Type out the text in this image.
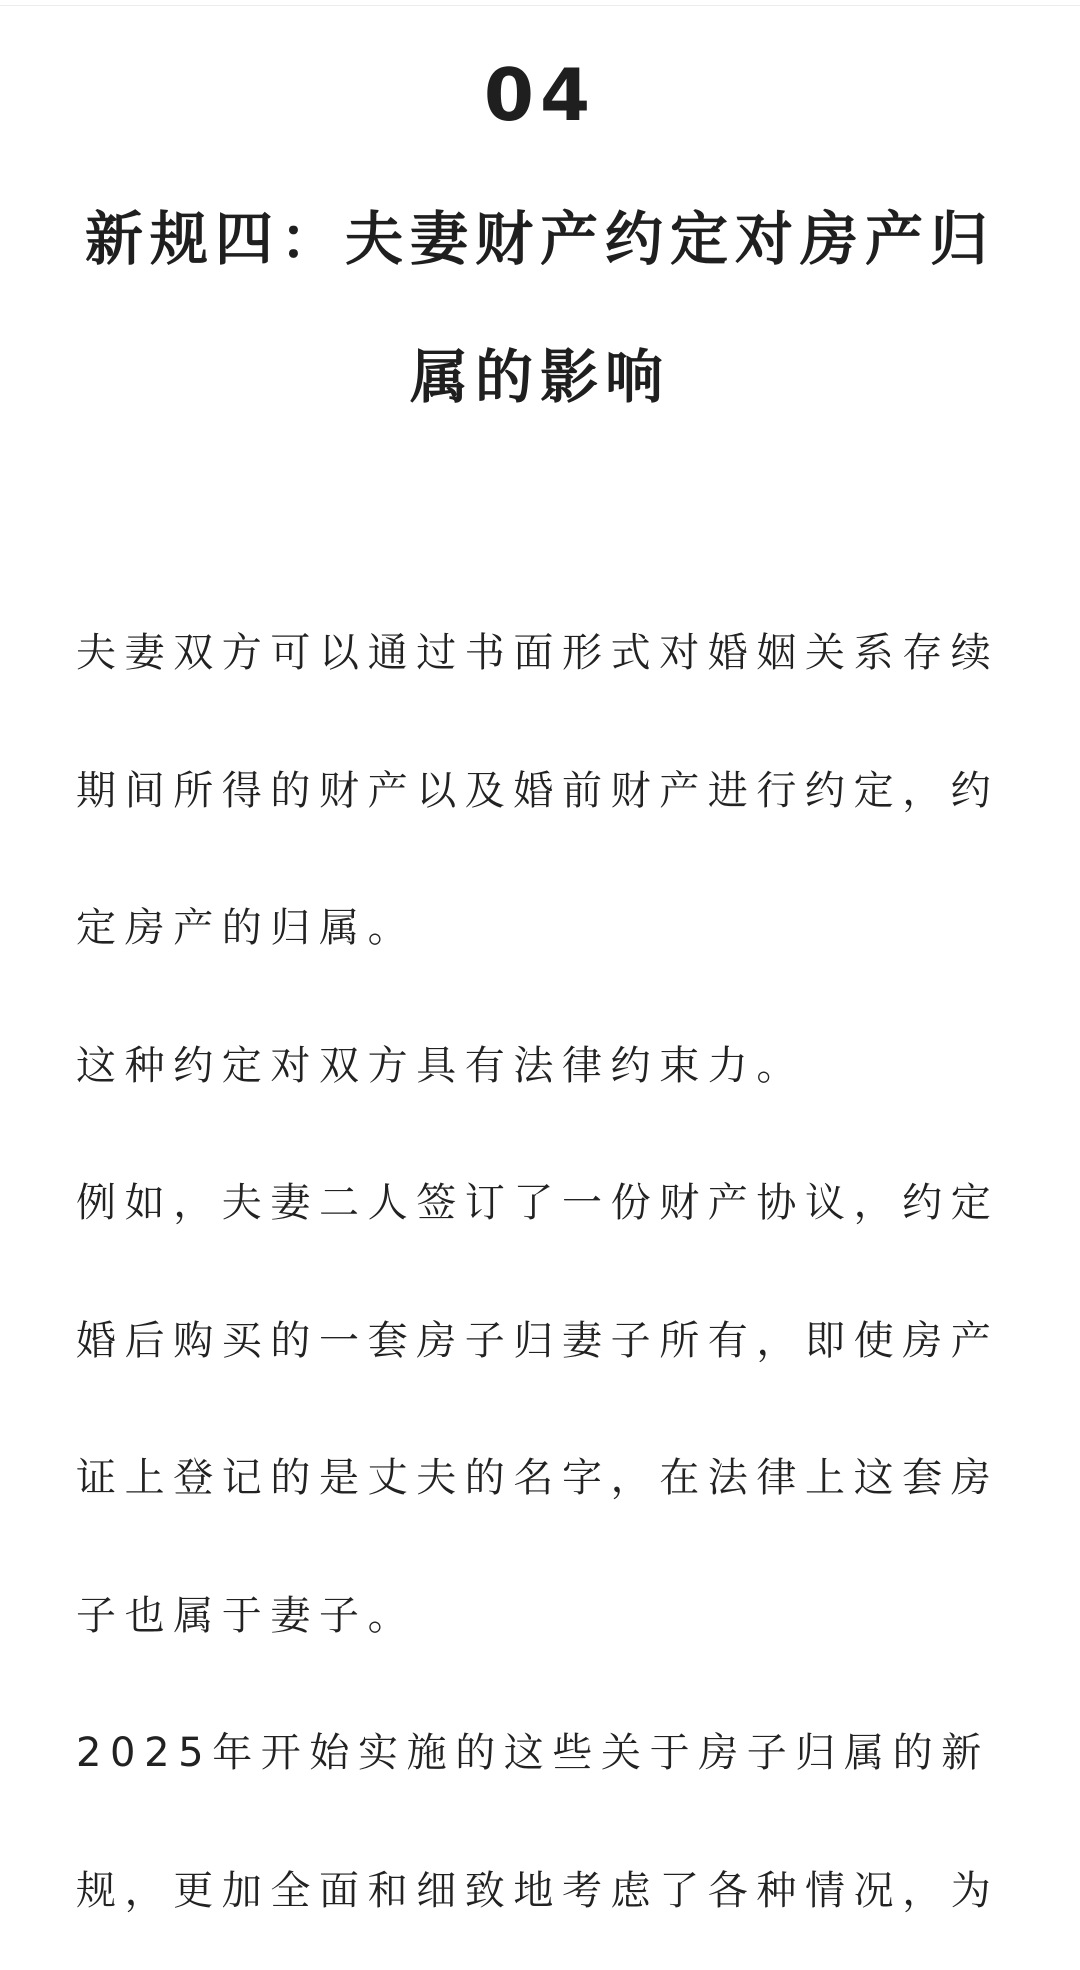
04
新规四：夫妻财产约定对房产归属的影响

夫妻双方可以通过书面形式对婚姻关系存续期间所得的财产以及婚前财产进行约定，约定房产的归属。

这种约定对双方具有法律约束力。

例如，夫妻二人签订了一份财产协议，约定婚后购买的一套房子归妻子所有，即使房产证上登记的是丈夫的名字，在法律上这套房子也属于妻子。

2025年开始实施的这些关于房子归属的新规，更加全面和细致地考虑了各种情况，为
